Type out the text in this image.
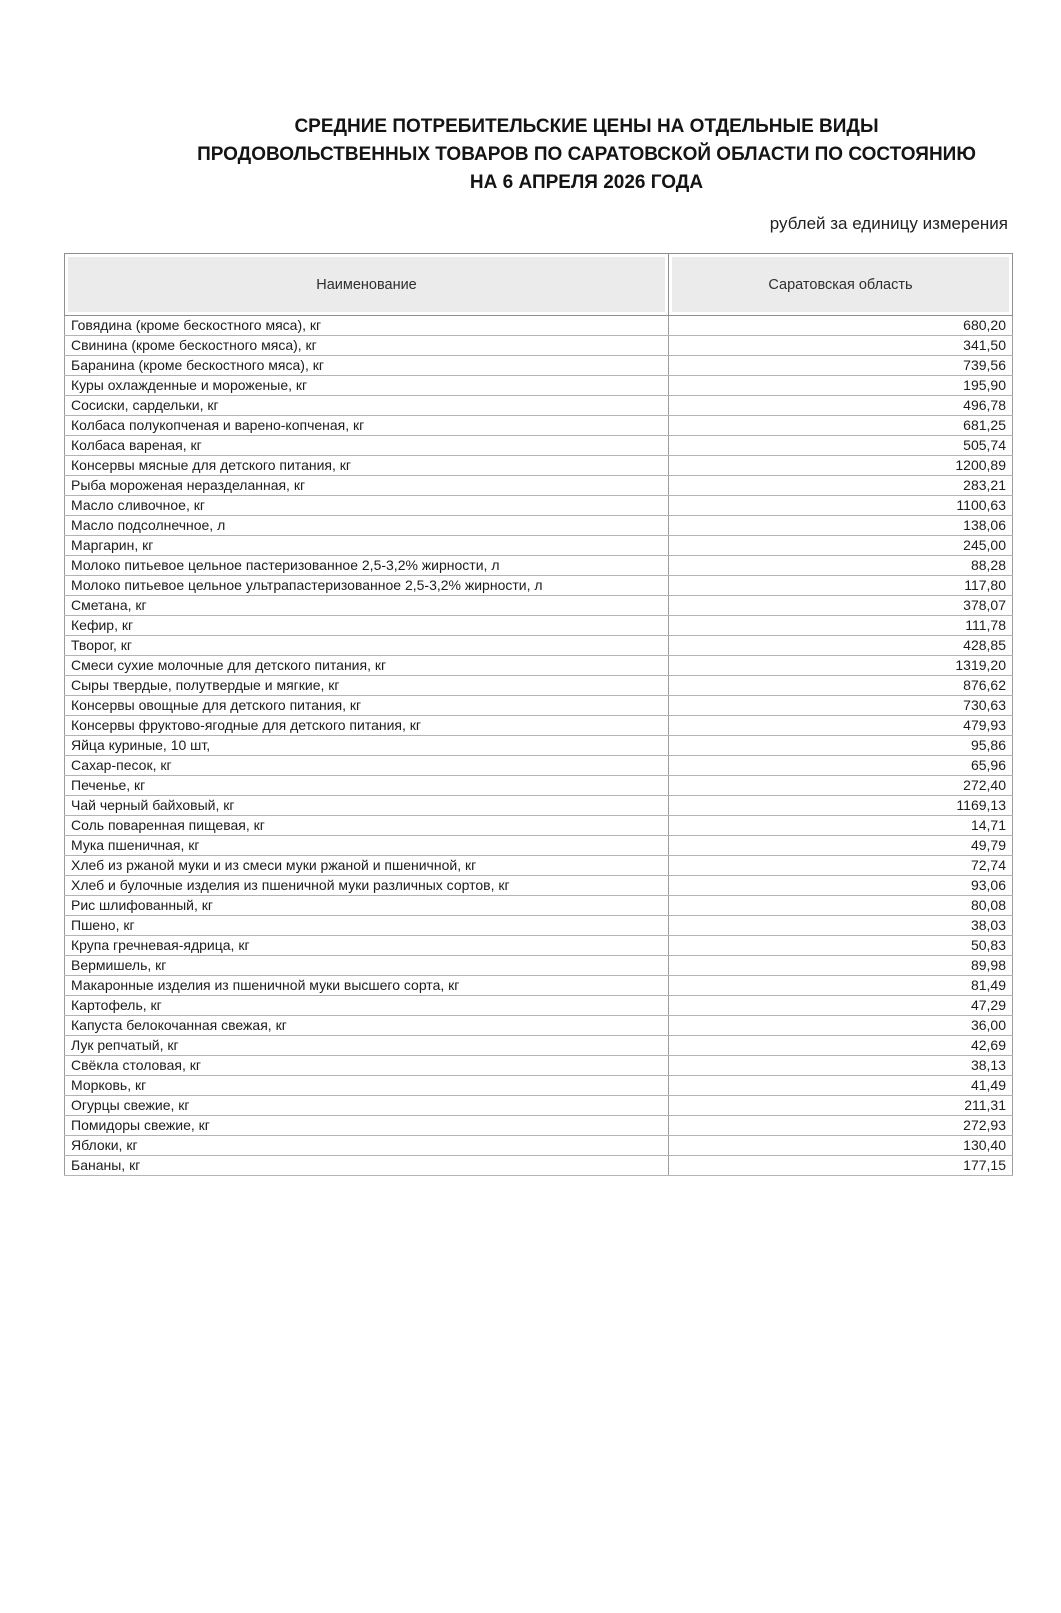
СРЕДНИЕ ПОТРЕБИТЕЛЬСКИЕ ЦЕНЫ НА ОТДЕЛЬНЫЕ ВИДЫ
ПРОДОВОЛЬСТВЕННЫХ ТОВАРОВ ПО САРАТОВСКОЙ ОБЛАСТИ ПО СОСТОЯНИЮ
НА 6 АПРЕЛЯ 2026 ГОДА
рублей за единицу измерения
Наименование	Саратовская область
Говядина (кроме бескостного мяса), кг	680,20
Свинина (кроме бескостного мяса), кг	341,50
Баранина (кроме бескостного мяса), кг	739,56
Куры охлажденные и мороженые, кг	195,90
Сосиски, сардельки, кг	496,78
Колбаса полукопченая и варено-копченая, кг	681,25
Колбаса вареная, кг	505,74
Консервы мясные для детского питания, кг	1200,89
Рыба мороженая неразделанная, кг	283,21
Масло сливочное, кг	1100,63
Масло подсолнечное, л	138,06
Маргарин, кг	245,00
Молоко питьевое цельное пастеризованное 2,5-3,2% жирности, л	88,28
Молоко питьевое цельное ультрапастеризованное 2,5-3,2% жирности, л	117,80
Сметана, кг	378,07
Кефир, кг	111,78
Творог, кг	428,85
Смеси сухие молочные для детского питания, кг	1319,20
Сыры твердые, полутвердые и мягкие, кг	876,62
Консервы овощные для детского питания, кг	730,63
Консервы фруктово-ягодные для детского питания, кг	479,93
Яйца куриные, 10 шт,	95,86
Сахар-песок, кг	65,96
Печенье, кг	272,40
Чай черный байховый, кг	1169,13
Соль поваренная пищевая, кг	14,71
Мука пшеничная, кг	49,79
Хлеб из ржаной муки и из смеси муки ржаной и пшеничной, кг	72,74
Хлеб и булочные изделия из пшеничной муки различных сортов, кг	93,06
Рис шлифованный, кг	80,08
Пшено, кг	38,03
Крупа гречневая-ядрица, кг	50,83
Вермишель, кг	89,98
Макаронные изделия из пшеничной муки высшего сорта, кг	81,49
Картофель, кг	47,29
Капуста белокочанная свежая, кг	36,00
Лук репчатый, кг	42,69
Свёкла столовая, кг	38,13
Морковь, кг	41,49
Огурцы свежие, кг	211,31
Помидоры свежие, кг	272,93
Яблоки, кг	130,40
Бананы, кг	177,15
